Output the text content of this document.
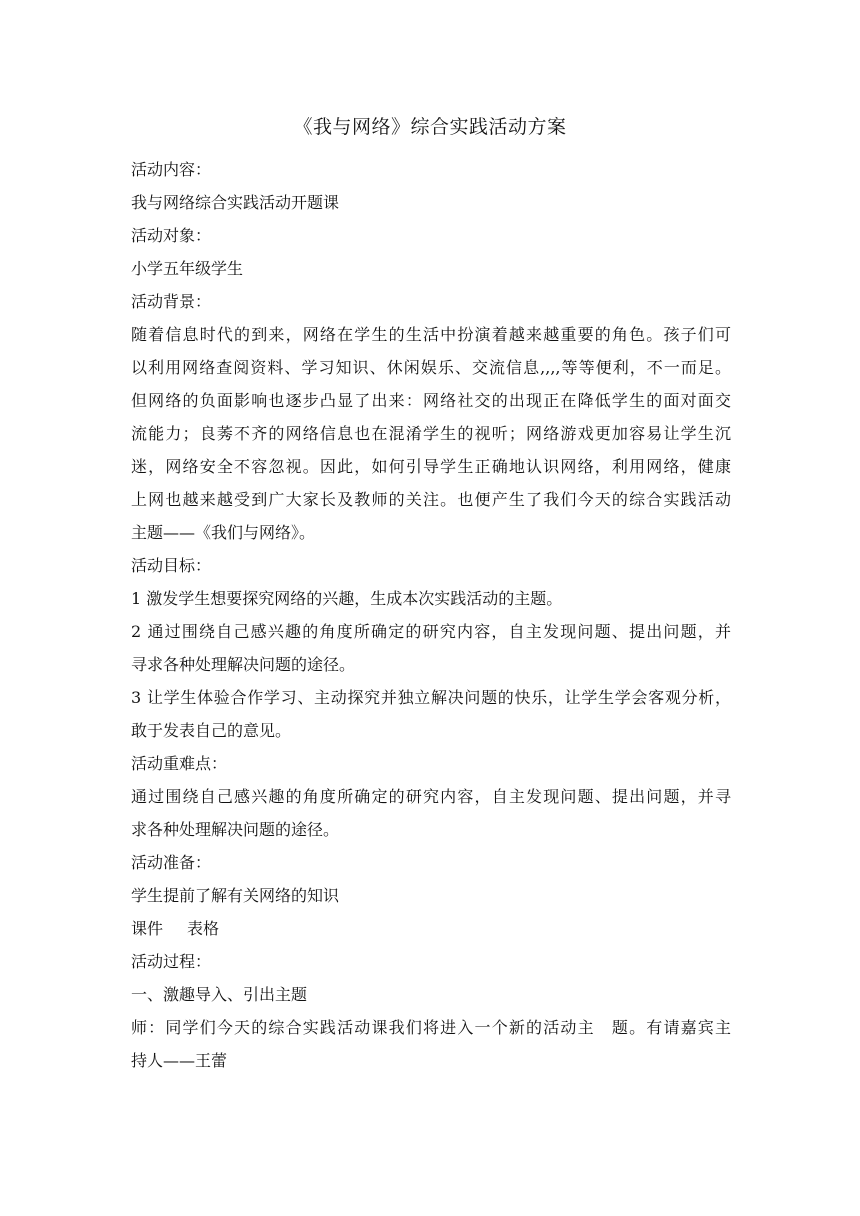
《我与网络》综合实践活动方案

活动内容：

我与网络综合实践活动开题课

活动对象：

小学五年级学生

活动背景：

随着信息时代的到来，网络在学生的生活中扮演着越来越重要的角色。孩子们可

以利用网络查阅资料、学习知识、休闲娱乐、交流信息,,,,等等便利，不一而足。

但网络的负面影响也逐步凸显了出来：网络社交的出现正在降低学生的面对面交

流能力；良莠不齐的网络信息也在混淆学生的视听；网络游戏更加容易让学生沉

迷，网络安全不容忽视。因此，如何引导学生正确地认识网络，利用网络，健康

上网也越来越受到广大家长及教师的关注。也便产生了我们今天的综合实践活动

主题——《我们与网络》。

活动目标：

1 激发学生想要探究网络的兴趣，生成本次实践活动的主题。

2 通过围绕自己感兴趣的角度所确定的研究内容，自主发现问题、提出问题，并

寻求各种处理解决问题的途径。

3 让学生体验合作学习、主动探究并独立解决问题的快乐，让学生学会客观分析，

敢于发表自己的意见。

活动重难点：

通过围绕自己感兴趣的角度所确定的研究内容，自主发现问题、提出问题，并寻

求各种处理解决问题的途径。

活动准备：

学生提前了解有关网络的知识

课件 表格

活动过程：

一、激趣导入、引出主题

师：同学们今天的综合实践活动课我们将进入一个新的活动主　题。有请嘉宾主

持人——王蕾
